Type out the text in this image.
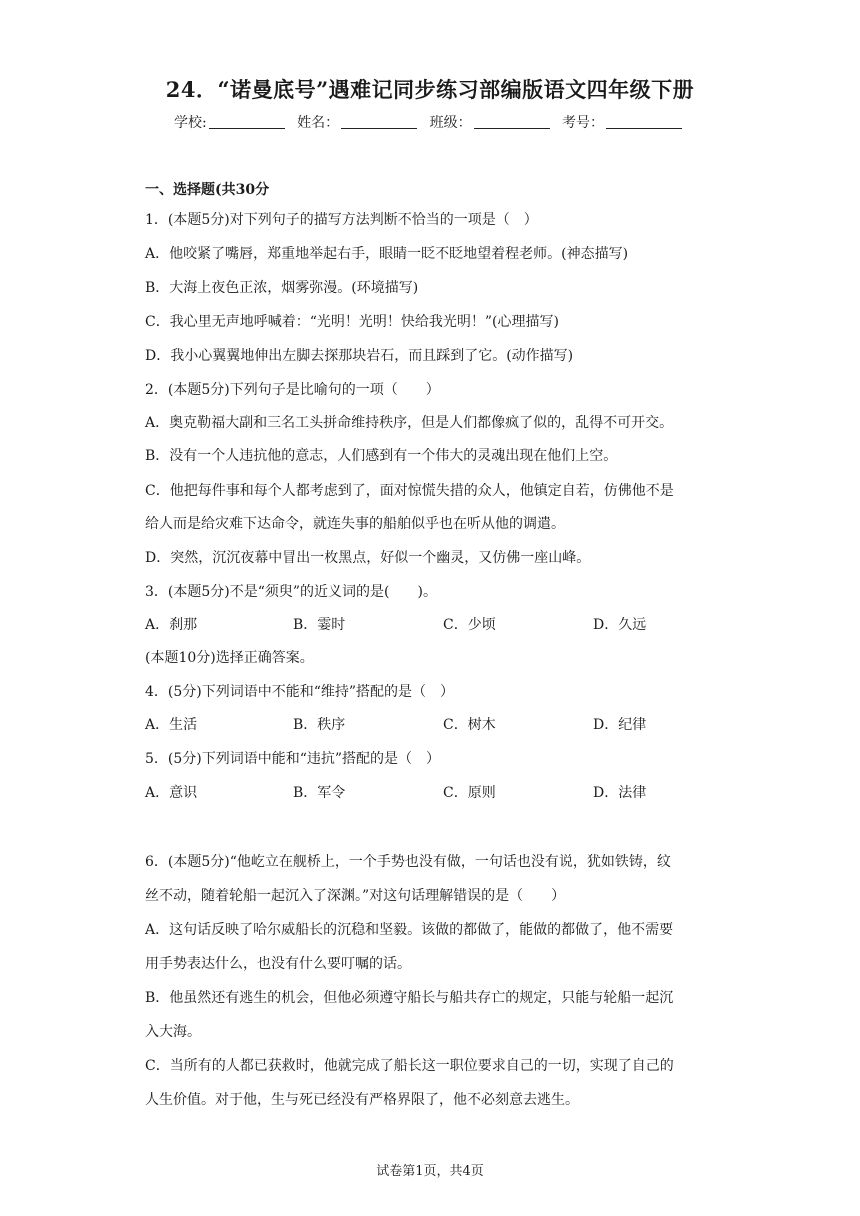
24．“诺曼底号”遇难记同步练习部编版语文四年级下册
学校:	姓名：	班级：	考号：
一、选择题(共30分
1．(本题5分)对下列句子的描写方法判断不恰当的一项是（　）
A．他咬紧了嘴唇，郑重地举起右手，眼睛一眨不眨地望着程老师。(神态描写)
B．大海上夜色正浓，烟雾弥漫。(环境描写)
C．我心里无声地呼喊着：“光明！光明！快给我光明！”(心理描写)
D．我小心翼翼地伸出左脚去探那块岩石，而且踩到了它。(动作描写)
2．(本题5分)下列句子是比喻句的一项（　　）
A．奥克勒福大副和三名工头拼命维持秩序，但是人们都像疯了似的，乱得不可开交。
B．没有一个人违抗他的意志，人们感到有一个伟大的灵魂出现在他们上空。
C．他把每件事和每个人都考虑到了，面对惊慌失措的众人，他镇定自若，仿佛他不是
给人而是给灾难下达命令，就连失事的船舶似乎也在听从他的调遣。
D．突然，沉沉夜幕中冒出一枚黑点，好似一个幽灵，又仿佛一座山峰。
3．(本题5分)不是“须臾”的近义词的是(　　)。
A．刹那	B．霎时	C．少顷	D．久远
(本题10分)选择正确答案。
4．(5分)下列词语中不能和“维持”搭配的是（　）
A．生活	B．秩序	C．树木	D．纪律
5．(5分)下列词语中能和“违抗”搭配的是（　）
A．意识	B．军令	C．原则	D．法律
6．(本题5分)“他屹立在舰桥上，一个手势也没有做，一句话也没有说，犹如铁铸，纹
丝不动，随着轮船一起沉入了深渊。”对这句话理解错误的是（　　）
A．这句话反映了哈尔威船长的沉稳和坚毅。该做的都做了，能做的都做了，他不需要
用手势表达什么，也没有什么要叮嘱的话。
B．他虽然还有逃生的机会，但他必须遵守船长与船共存亡的规定，只能与轮船一起沉
入大海。
C．当所有的人都已获救时，他就完成了船长这一职位要求自己的一切，实现了自己的
人生价值。对于他，生与死已经没有严格界限了，他不必刻意去逃生。
试卷第1页，共4页
